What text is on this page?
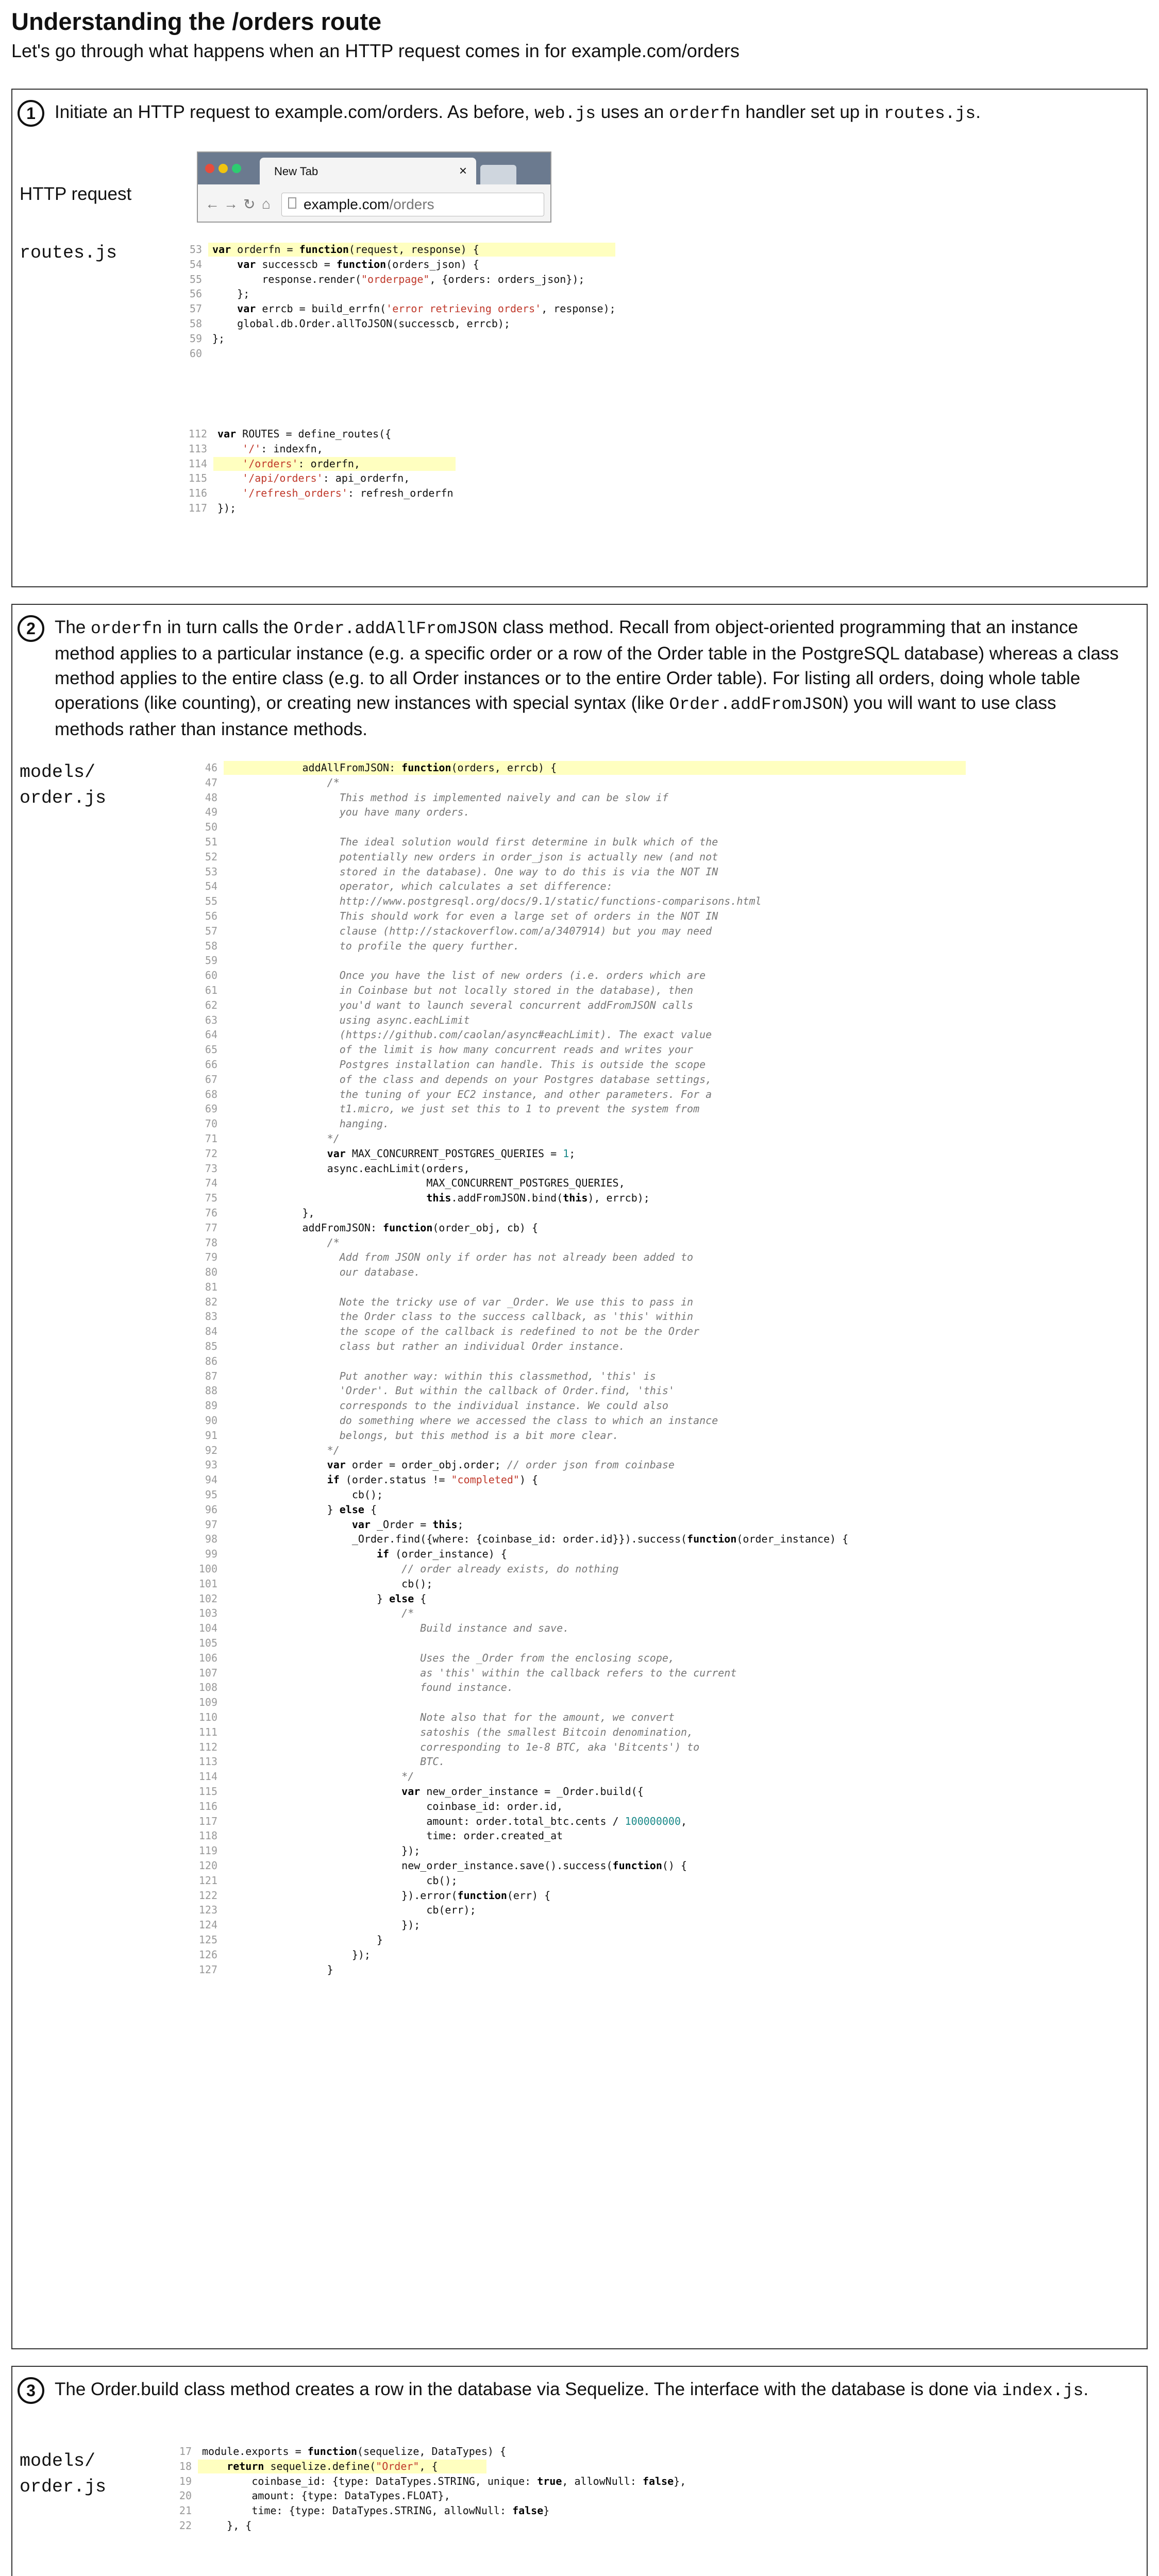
Understanding the /orders route
Let's go through what happens when an HTTP request comes in for example.com/orders
1	Initiate an HTTP request to example.com/orders. As before, web.js uses an orderfn handler set up in routes.js.
HTTP request
New Tab	×
← → ↻ ⌂	example.com/orders
routes.js	53 var orderfn = function(request, response) {
54 var successcb = function(orders_json) {
55 response.render("orderpage", {orders: orders_json});
56 };
57 var errcb = build_errfn('error retrieving orders', response);
58 global.db.Order.allToJSON(successcb, errcb);
59 };
60
112 var ROUTES = define_routes({
113	'/': indexfn,
114	'/orders': orderfn,
115	'/api/orders': api_orderfn,
116	'/refresh_orders': refresh_orderfn
117 });
2	The orderfn in turn calls the Order.addAllFromJSON class method. Recall from object-oriented programming that an instance method applies to a particular instance (e.g. a specific order or a row of the Order table in the PostgreSQL database) whereas a class method applies to the entire class (e.g. to all Order instances or to the entire Order table). For listing all orders, doing whole table operations (like counting), or creating new instances with special syntax (like Order.addFromJSON) you will want to use class methods rather than instance methods.
models/
order.js
46 addAllFromJSON: function(orders, errcb) {
47 /*
48 This method is implemented naively and can be slow if
49 you have many orders.
50
51 The ideal solution would first determine in bulk which of the
52 potentially new orders in order_json is actually new (and not
53 stored in the database). One way to do this is via the NOT IN
54 operator, which calculates a set difference:
55 http://www.postgresql.org/docs/9.1/static/functions-comparisons.html
56 This should work for even a large set of orders in the NOT IN
57 clause (http://stackoverflow.com/a/3407914) but you may need
58 to profile the query further.
59
60 Once you have the list of new orders (i.e. orders which are
61 in Coinbase but not locally stored in the database), then
62 you'd want to launch several concurrent addFromJSON calls
63 using async.eachLimit
64 (https://github.com/caolan/async#eachLimit). The exact value
65 of the limit is how many concurrent reads and writes your
66 Postgres installation can handle. This is outside the scope
67 of the class and depends on your Postgres database settings,
68 the tuning of your EC2 instance, and other parameters. For a
69 t1.micro, we just set this to 1 to prevent the system from
70 hanging.
71 */
72 var MAX_CONCURRENT_POSTGRES_QUERIES = 1;
73 async.eachLimit(orders,
74 MAX_CONCURRENT_POSTGRES_QUERIES,
75	this.addFromJSON.bind(this), errcb);
76 },
77 addFromJSON: function(order_obj, cb) {
78 /*
79 Add from JSON only if order has not already been added to
80 our database.
81
82 Note the tricky use of var _Order. We use this to pass in
83 the Order class to the success callback, as 'this' within
84 the scope of the callback is redefined to not be the Order
85 class but rather an individual Order instance.
86
87 Put another way: within this classmethod, 'this' is
88 'Order'. But within the callback of Order.find, 'this'
89 corresponds to the individual instance. We could also
90 do something where we accessed the class to which an instance
91 belongs, but this method is a bit more clear.
92 */
93 var order = order_obj.order; // order json from coinbase
94 if (order.status != "completed") {
95 cb();
96 } else {
97 var _Order = this;
98 _Order.find({where: {coinbase_id: order.id}}).success(function(order_instance) {
99 if (order_instance) {
100	// order already exists, do nothing
101 cb();
102 } else {
103 /*
104 Build instance and save.
105
106 Uses the _Order from the enclosing scope,
107 as 'this' within the callback refers to the current
108 found instance.
109
110 Note also that for the amount, we convert
111 satoshis (the smallest Bitcoin denomination,
112 corresponding to 1e-8 BTC, aka 'Bitcents') to
113 BTC.
114 */
115 var new_order_instance = _Order.build({
116 coinbase_id: order.id,
117 amount: order.total_btc.cents / 100000000,
118 time: order.created_at
119 });
120 new_order_instance.save().success(function() {
121 cb();
122 }).error(function(err) {
123 cb(err);
124 });
125 }
126 });
127 }
3	The Order.build class method creates a row in the database via Sequelize. The interface with the database is done via index.js.
models/
order.js
17 module.exports = function(sequelize, DataTypes) {
18	return sequelize.define("Order", {
19 coinbase_id: {type: DataTypes.STRING, unique: true, allowNull: false},
20 amount: {type: DataTypes.FLOAT},
21 time: {type: DataTypes.STRING, allowNull: false}
22 }, {
